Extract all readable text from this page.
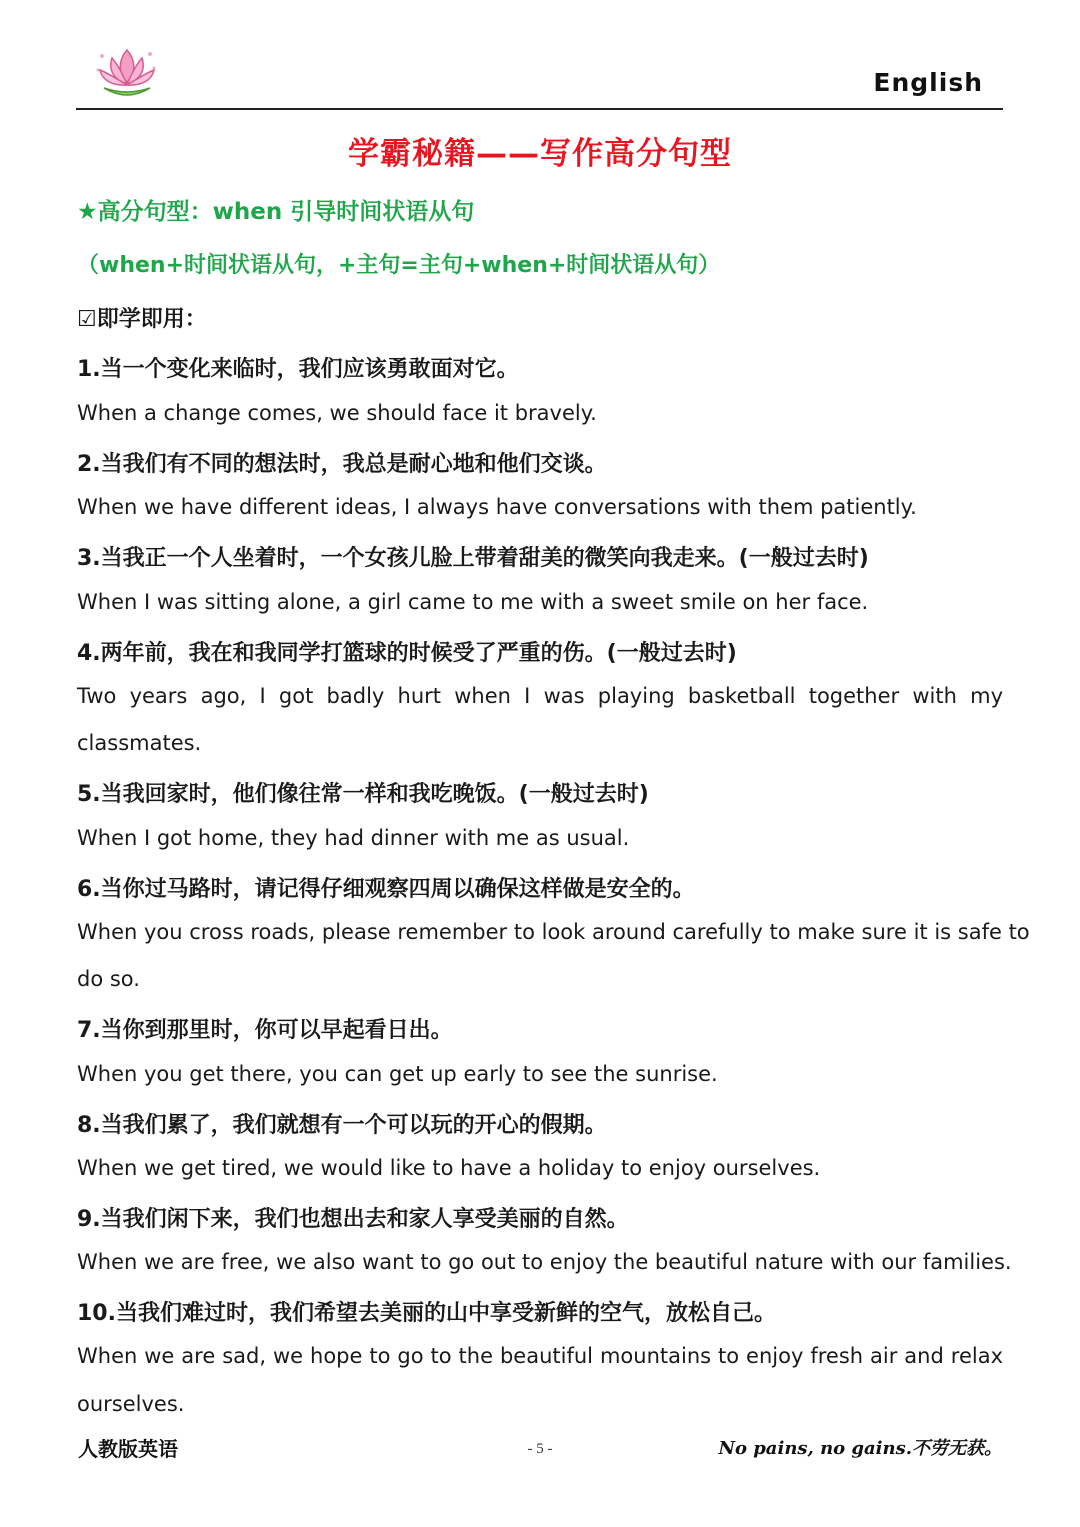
English
学霸秘籍——写作高分句型
★高分句型：when 引导时间状语从句
（when+时间状语从句，+主句=主句+when+时间状语从句）
☑即学即用：
1.当一个变化来临时，我们应该勇敢面对它。
When a change comes, we should face it bravely.
2.当我们有不同的想法时，我总是耐心地和他们交谈。
When we have different ideas, I always have conversations with them patiently.
3.当我正一个人坐着时，一个女孩儿脸上带着甜美的微笑向我走来。(一般过去时)
When I was sitting alone, a girl came to me with a sweet smile on her face.
4.两年前，我在和我同学打篮球的时候受了严重的伤。(一般过去时)
Two years ago, I got badly hurt when I was playing basketball together with my
classmates.
5.当我回家时，他们像往常一样和我吃晚饭。(一般过去时)
When I got home, they had dinner with me as usual.
6.当你过马路时，请记得仔细观察四周以确保这样做是安全的。
When you cross roads, please remember to look around carefully to make sure it is safe to
do so.
7.当你到那里时，你可以早起看日出。
When you get there, you can get up early to see the sunrise.
8.当我们累了，我们就想有一个可以玩的开心的假期。
When we get tired, we would like to have a holiday to enjoy ourselves.
9.当我们闲下来，我们也想出去和家人享受美丽的自然。
When we are free, we also want to go out to enjoy the beautiful nature with our families.
10.当我们难过时，我们希望去美丽的山中享受新鲜的空气，放松自己。
When we are sad, we hope to go to the beautiful mountains to enjoy fresh air and relax
ourselves.
人教版英语	- 5 -	No pains, no gains.不劳无获。
